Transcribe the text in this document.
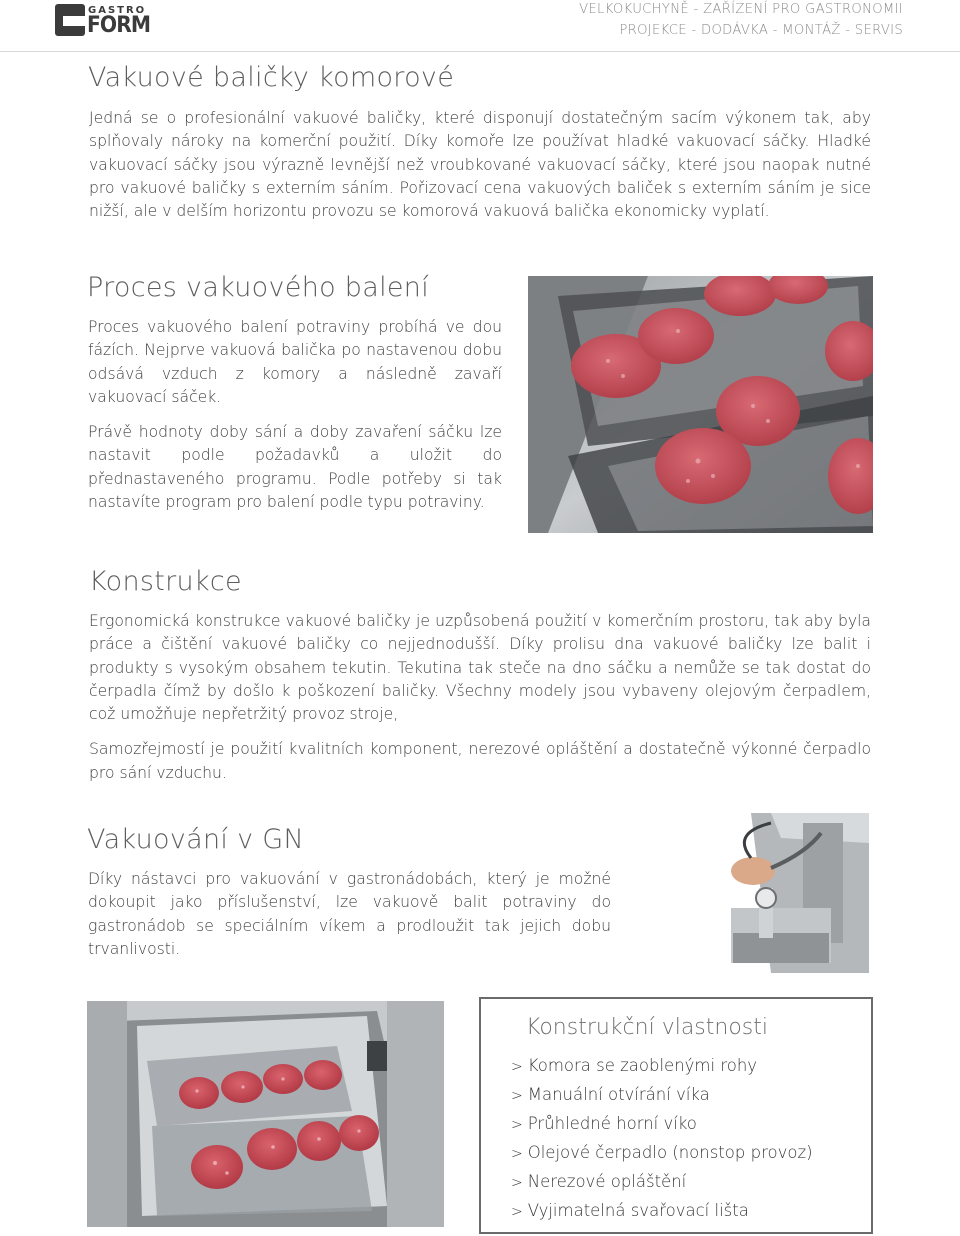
GASTRO
FORM
VELKOKUCHYNĚ - ZAŘÍZENÍ PRO GASTRONOMII
PROJEKCE - DODÁVKA - MONTÁŽ - SERVIS
Vakuové baličky komorové

Jedná se o profesionální vakuové baličky, které disponují dostatečným sacím výkonem tak, aby splňovaly nároky na komerční použití. Díky komoře lze používat hladké vakuovací sáčky. Hladké vakuovací sáčky jsou výrazně levnější než vroubkované vakuovací sáčky, které jsou naopak nutné pro vakuové baličky s externím sáním. Pořizovací cena vakuových baliček s externím sáním je sice nižší, ale v delším horizontu provozu se komorová vakuová balička ekonomicky vyplatí.

Proces vakuového balení

Proces vakuového balení potraviny probíhá ve dou fázích. Nejprve vakuová balička po nastavenou dobu odsává vzduch z komory a následně zavaří vakuovací sáček.

Právě hodnoty doby sání a doby zavaření sáčku lze nastavit podle požadavků a uložit do přednastaveného programu. Podle potřeby si tak nastavíte program pro balení podle typu potraviny.

Konstrukce

Ergonomická konstrukce vakuové baličky je uzpůsobená použití v komerčním prostoru, tak aby byla práce a čištění vakuové baličky co nejjednodušší. Díky prolisu dna vakuové baličky lze balit i produkty s vysokým obsahem tekutin. Tekutina tak steče na dno sáčku a nemůže se tak dostat do čerpadla čímž by došlo k poškození baličky. Všechny modely jsou vybaveny olejovým čerpadlem, což umožňuje nepřetržitý provoz stroje,

Samozřejmostí je použití kvalitních komponent, nerezové opláštění a dostatečně výkonné čerpadlo pro sání vzduchu.

Vakuování v GN

Díky nástavci pro vakuování v gastronádobách, který je možné dokoupit jako příslušenství, lze vakuově balit potraviny do gastronádob se speciálním víkem a prodloužit tak jejich dobu trvanlivosti.

Konstrukční vlastnosti
> Komora se zaoblenými rohy
> Manuální otvírání víka
> Průhledné horní víko
> Olejové čerpadlo (nonstop provoz)
> Nerezové opláštění
> Vyjimatelná svařovací lišta
